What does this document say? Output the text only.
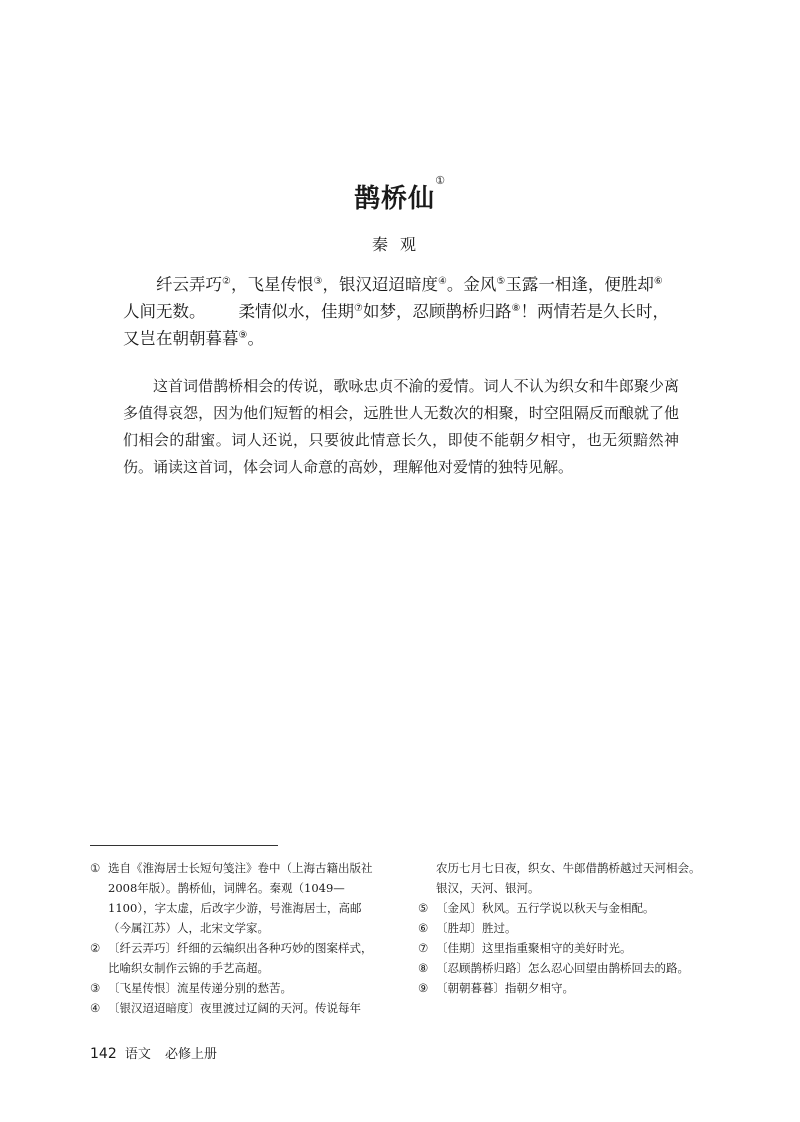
鹊桥仙①
秦观

纤云弄巧②，飞星传恨③，银汉迢迢暗度④。金风⑤玉露一相逢，便胜却⑥人间无数。 柔情似水，佳期⑦如梦，忍顾鹊桥归路⑧！两情若是久长时，又岂在朝朝暮暮⑨。

这首词借鹊桥相会的传说，歌咏忠贞不渝的爱情。词人不认为织女和牛郎聚少离多值得哀怨，因为他们短暂的相会，远胜世人无数次的相聚，时空阻隔反而酿就了他们相会的甜蜜。词人还说，只要彼此情意长久，即使不能朝夕相守，也无须黯然神伤。诵读这首词，体会词人命意的高妙，理解他对爱情的独特见解。

① 选自《淮海居士长短句笺注》卷中（上海古籍出版社2008年版）。鹊桥仙，词牌名。秦观（1049—1100），字太虚，后改字少游，号淮海居士，高邮（今属江苏）人，北宋文学家。

② 〔纤云弄巧〕纤细的云编织出各种巧妙的图案样式，比喻织女制作云锦的手艺高超。

③ 〔飞星传恨〕流星传递分别的愁苦。

④ 〔银汉迢迢暗度〕夜里渡过辽阔的天河。传说每年

农历七月七日夜，织女、牛郎借鹊桥越过天河相会。银汉，天河、银河。

⑤ 〔金风〕秋风。五行学说以秋天与金相配。

⑥ 〔胜却〕胜过。

⑦ 〔佳期〕这里指重聚相守的美好时光。

⑧ 〔忍顾鹊桥归路〕怎么忍心回望由鹊桥回去的路。

⑨ 〔朝朝暮暮〕指朝夕相守。

142 语文 必修上册
